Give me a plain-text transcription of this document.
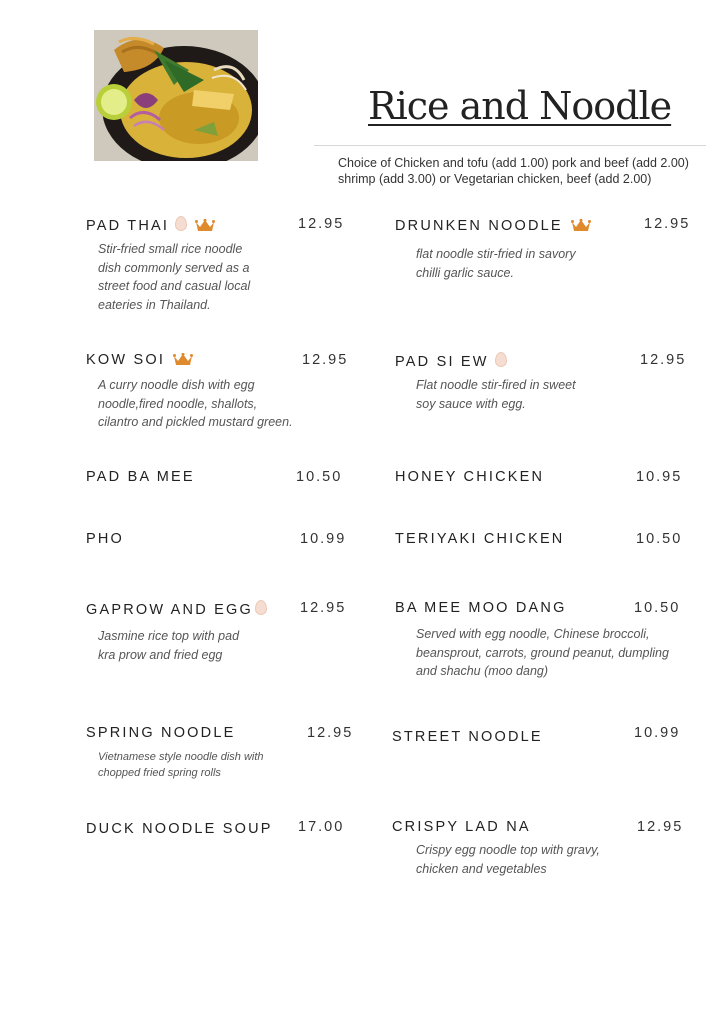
Rice and Noodle
Choice of Chicken and tofu (add 1.00) pork and beef (add 2.00)
shrimp (add 3.00) or Vegetarian chicken, beef (add 2.00)
PAD THAI	12.95
Stir-fried small rice noodle
dish commonly served as a
street food and casual local
eateries in Thailand.
DRUNKEN NOODLE	12.95
flat noodle stir-fried in savory
chilli garlic sauce.
KOW SOI	12.95
A curry noodle dish with egg
noodle,fired noodle, shallots,
cilantro and pickled mustard green.
PAD SI EW	12.95
Flat noodle stir-fired in sweet
soy sauce with egg.
PAD BA MEE	10.50	HONEY CHICKEN	10.95
PHO	10.99	TERIYAKI CHICKEN	10.50
GAPROW AND EGG	12.95
Jasmine rice top with pad
kra prow and fried egg
BA MEE MOO DANG	10.50
Served with egg noodle, Chinese broccoli,
beansprout, carrots, ground peanut, dumpling
and shachu (moo dang)
SPRING NOODLE	12.95
Vietnamese style noodle dish with
chopped fried spring rolls
STREET NOODLE	10.99
DUCK NOODLE SOUP 17.00	CRISPY LAD NA	12.95
Crispy egg noodle top with gravy,
chicken and vegetables
